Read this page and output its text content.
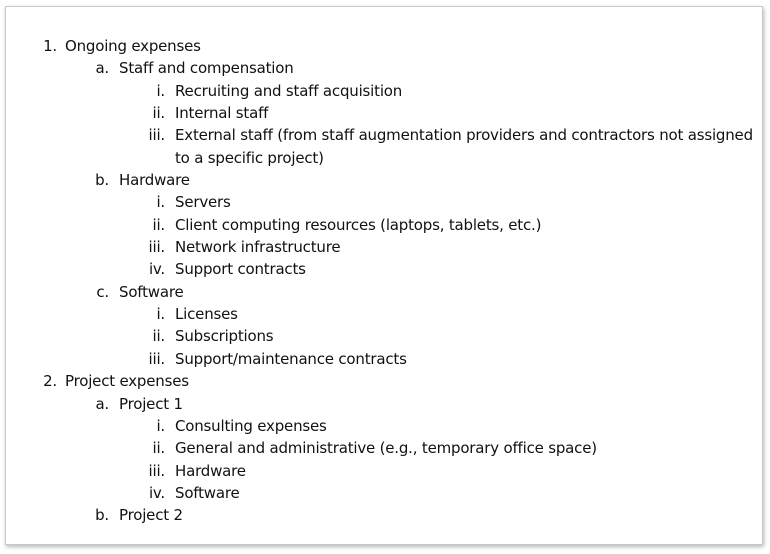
1. Ongoing expenses
a. Staff and compensation
i. Recruiting and staff acquisition
ii. Internal staff
iii. External staff (from staff augmentation providers and contractors not assigned to a specific project)
b. Hardware
i. Servers
ii. Client computing resources (laptops, tablets, etc.)
iii. Network infrastructure
iv. Support contracts
c. Software
i. Licenses
ii. Subscriptions
iii. Support/maintenance contracts
2. Project expenses
a. Project 1
i. Consulting expenses
ii. General and administrative (e.g., temporary office space)
iii. Hardware
iv. Software
b. Project 2
